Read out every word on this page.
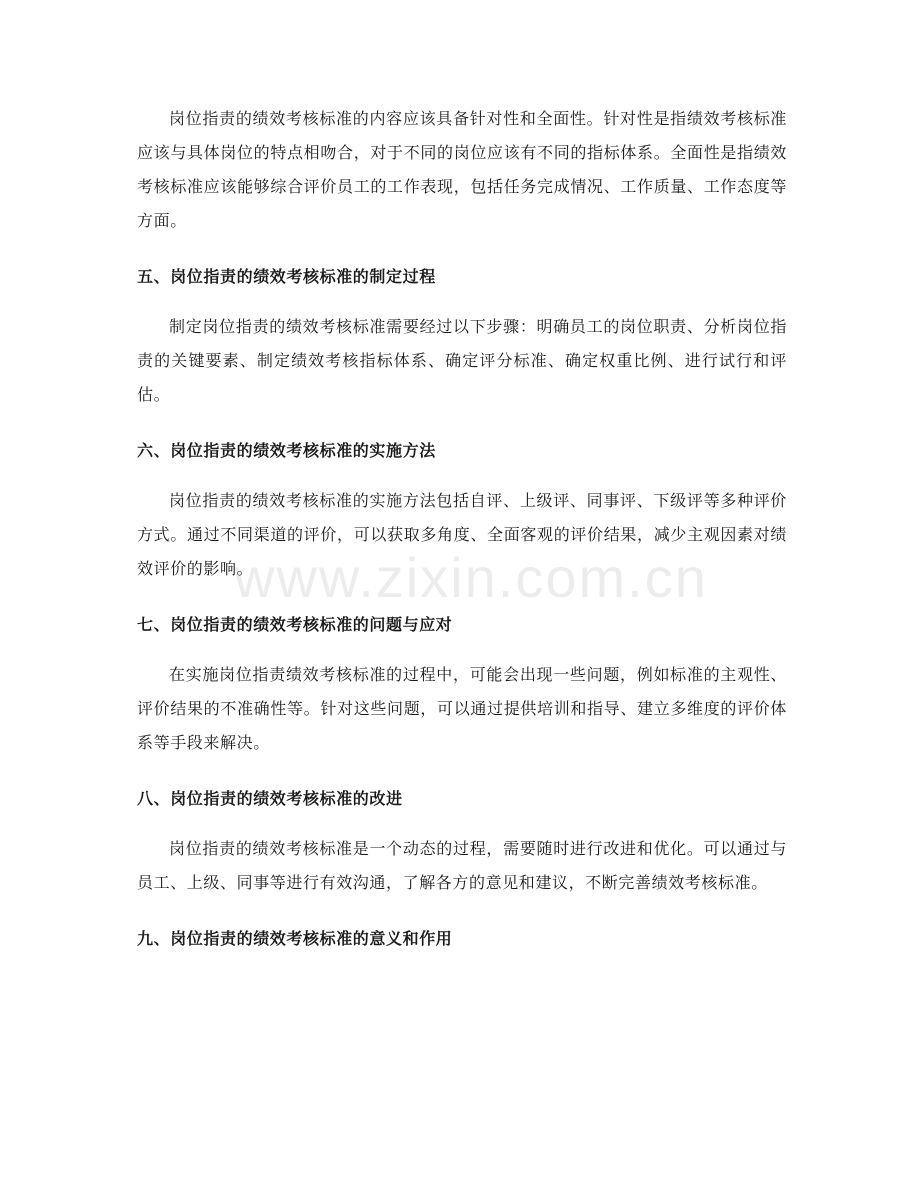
www.zixin.com.cn

岗位指责的绩效考核标准的内容应该具备针对性和全面性。针对性是指绩效考核标准应该与具体岗位的特点相吻合，对于不同的岗位应该有不同的指标体系。全面性是指绩效考核标准应该能够综合评价员工的工作表现，包括任务完成情况、工作质量、工作态度等方面。

五、岗位指责的绩效考核标准的制定过程

制定岗位指责的绩效考核标准需要经过以下步骤：明确员工的岗位职责、分析岗位指责的关键要素、制定绩效考核指标体系、确定评分标准、确定权重比例、进行试行和评估。

六、岗位指责的绩效考核标准的实施方法

岗位指责的绩效考核标准的实施方法包括自评、上级评、同事评、下级评等多种评价方式。通过不同渠道的评价，可以获取多角度、全面客观的评价结果，减少主观因素对绩效评价的影响。

七、岗位指责的绩效考核标准的问题与应对

在实施岗位指责绩效考核标准的过程中，可能会出现一些问题，例如标准的主观性、评价结果的不准确性等。针对这些问题，可以通过提供培训和指导、建立多维度的评价体系等手段来解决。

八、岗位指责的绩效考核标准的改进

岗位指责的绩效考核标准是一个动态的过程，需要随时进行改进和优化。可以通过与员工、上级、同事等进行有效沟通，了解各方的意见和建议，不断完善绩效考核标准。

九、岗位指责的绩效考核标准的意义和作用
